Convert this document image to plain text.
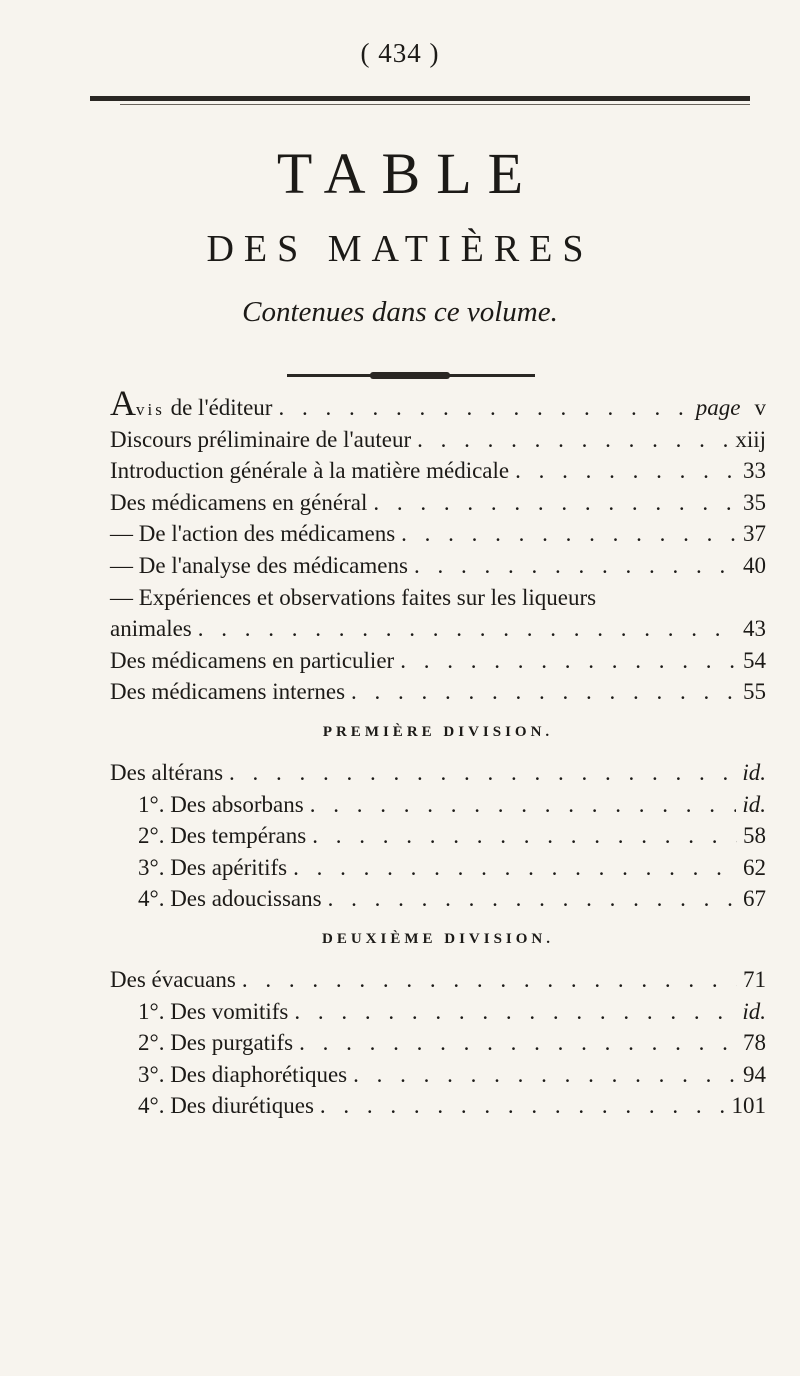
( 434 )
TABLE
DES MATIÈRES
Contenues dans ce volume.
Avis de l'éditeur . . .	page v
Discours préliminaire de l'auteur . . .	xiij
Introduction générale à la matière médicale . . .	33
Des médicamens en général . . .	35
— De l'action des médicamens . . .	37
— De l'analyse des médicamens . . .	40
— Expériences et observations faites sur les liqueurs
animales . . .	43
Des médicamens en particulier . . .	54
Des médicamens internes . . .	55
PREMIÈRE DIVISION.
Des altérans . . .	id.
1°. Des absorbans . . .	id.
2°. Des tempérans . . .	58
3°. Des apéritifs . . .	62
4°. Des adoucissans . . .	67
DEUXIÈME DIVISION.
Des évacuans . . .	71
1°. Des vomitifs . . .	id.
2°. Des purgatifs . . .	78
3°. Des diaphorétiques . . .	94
4°. Des diurétiques . . .	101
